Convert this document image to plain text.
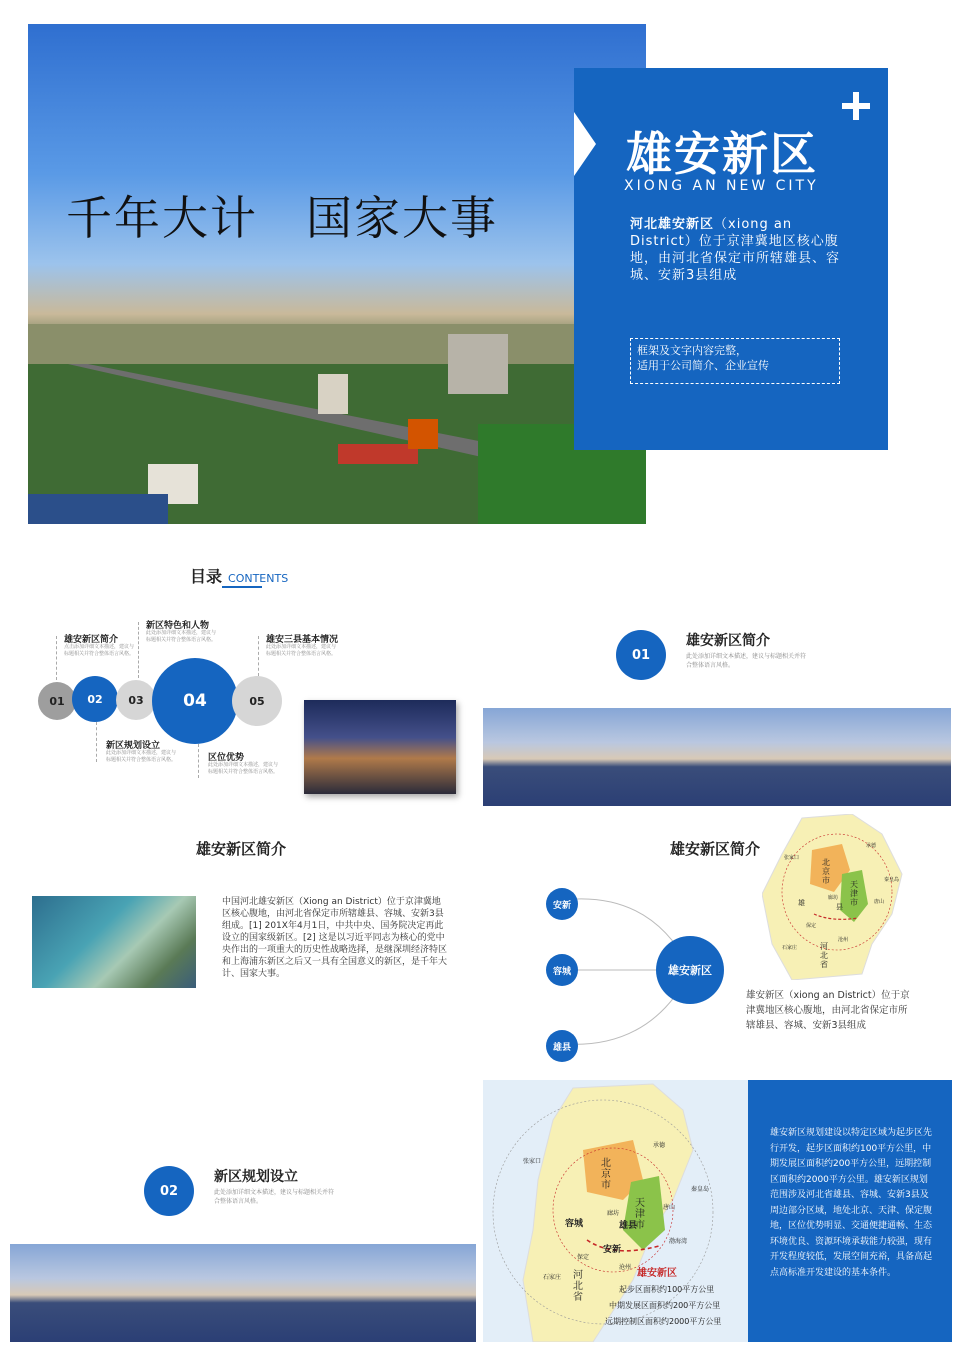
千年大计　国家大事
雄安新区
XIONG AN NEW CITY
河北雄安新区（xiong an District）位于京津冀地区核心腹地，由河北省保定市所辖雄县、容城、安新3县组成
框架及文字内容完整，
适用于公司简介、企业宣传
目录 CONTENTS
01	02	03	04	05
雄安新区简介
点击添加详细文本描述，建议与标题相关并符合整体语言风格。
新区特色和人物
此处添加详细文本描述，建议与标题相关并符合整体语言风格。	雄安三县基本情况
此处添加详细文本描述，建议与标题相关并符合整体语言风格。
新区规划设立
此处添加详细文本描述，建议与标题相关并符合整体语言风格。	区位优势
此处添加详细文本描述，建议与标题相关并符合整体语言风格。
01
雄安新区简介
此处添加详细文本描述，建议与标题相关并符合整体语言风格。
雄安新区简介
中国河北雄安新区（Xiong an District）位于京津冀地区核心腹地，由河北省保定市所辖雄县、容城、安新3县组成。[1] 201X年4月1日，中共中央、国务院决定再此设立的国家级新区。[2] 这是以习近平同志为核心的党中央作出的一项重大的历史性战略选择，是继深圳经济特区和上海浦东新区之后又一具有全国意义的新区，是千年大计、国家大事。
雄安新区简介
安新
容城
雄县
雄安新区
北京市	天津市
张家口
承德
秦皇岛
唐山
廊坊
保定
石家庄
沧州
河北省
雄	县
雄安新区（xiong an District）位于京津冀地区核心腹地，由河北省保定市所辖雄县、容城、安新3县组成
02
新区规划设立
此处添加详细文本描述，建议与标题相关并符合整体语言风格。
北京市
天津市
张家口
承德
秦皇岛
唐山
廊坊
渤海湾
保定
容城	雄县
安新
沧州
石家庄 河北省
雄安新区
起步区面积约100平方公里
中期发展区面积约200平方公里
远期控制区面积约2000平方公里
雄安新区规划建设以特定区域为起步区先行开发，起步区面积约100平方公里，中期发展区面积约200平方公里，远期控制区面积约2000平方公里。雄安新区规划范围涉及河北省雄县、容城、安新3县及周边部分区域，地处北京、天津、保定腹地，区位优势明显、交通便捷通畅、生态环境优良、资源环境承载能力较强，现有开发程度较低，发展空间充裕，具备高起点高标准开发建设的基本条件。
